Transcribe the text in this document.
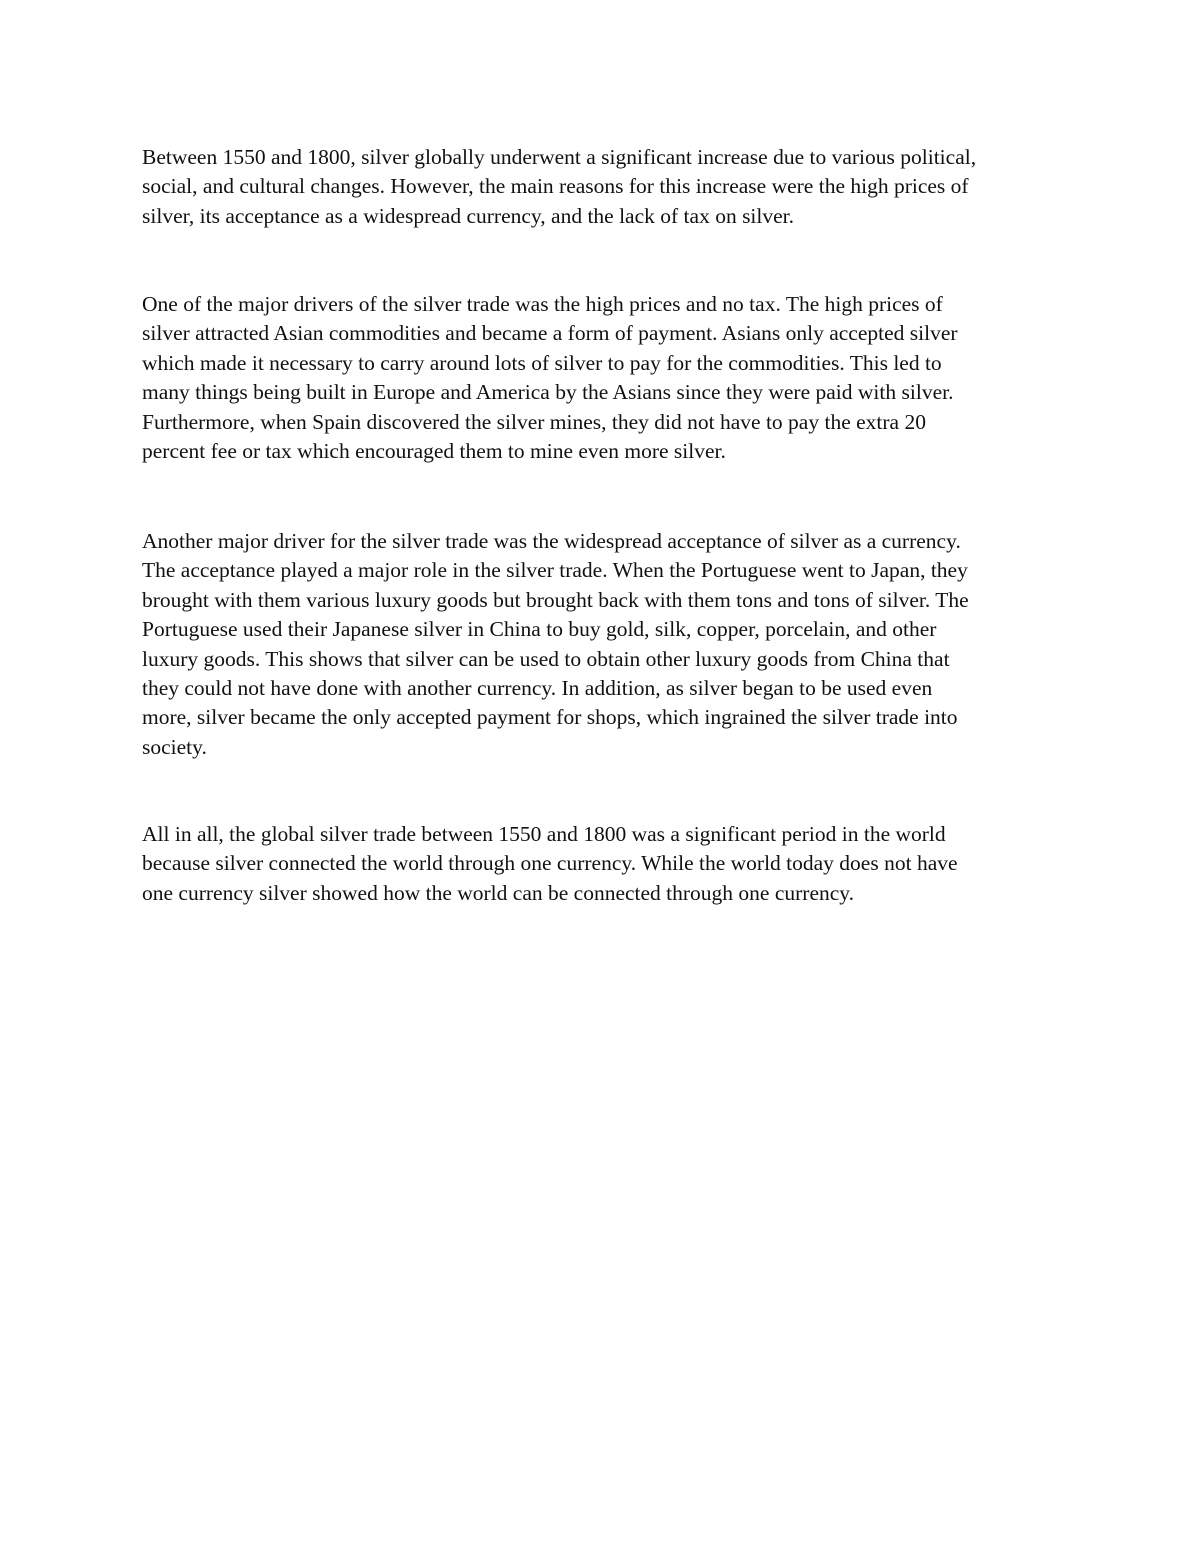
Between 1550 and 1800, silver globally underwent a significant increase due to various political,
social, and cultural changes. However, the main reasons for this increase were the high prices of
silver, its acceptance as a widespread currency, and the lack of tax on silver.
One of the major drivers of the silver trade was the high prices and no tax. The high prices of
silver attracted Asian commodities and became a form of payment. Asians only accepted silver
which made it necessary to carry around lots of silver to pay for the commodities. This led to
many things being built in Europe and America by the Asians since they were paid with silver.
Furthermore, when Spain discovered the silver mines, they did not have to pay the extra 20
percent fee or tax which encouraged them to mine even more silver.
Another major driver for the silver trade was the widespread acceptance of silver as a currency.
The acceptance played a major role in the silver trade. When the Portuguese went to Japan, they
brought with them various luxury goods but brought back with them tons and tons of silver. The
Portuguese used their Japanese silver in China to buy gold, silk, copper, porcelain, and other
luxury goods. This shows that silver can be used to obtain other luxury goods from China that
they could not have done with another currency. In addition, as silver began to be used even
more, silver became the only accepted payment for shops, which ingrained the silver trade into
society.
All in all, the global silver trade between 1550 and 1800 was a significant period in the world
because silver connected the world through one currency. While the world today does not have
one currency silver showed how the world can be connected through one currency.
